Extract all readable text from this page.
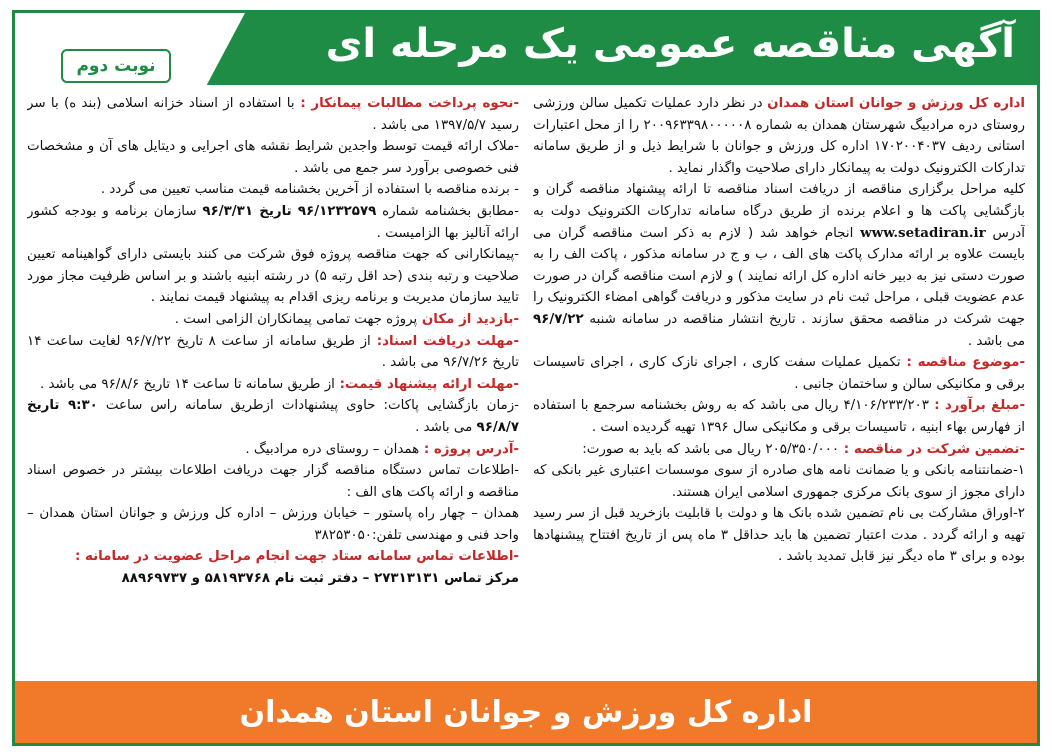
آگهی مناقصه عمومی یک مرحله ای
نوبت دوم

اداره کل ورزش و جوانان استان همدان در نظر دارد عملیات تکمیل سالن ورزشی روستای دره مرادبیگ شهرستان همدان به شماره ۲۰۰۹۶۳۳۹۸۰۰۰۰۰۸ را از محل اعتبارات استانی ردیف ۱۷۰۲۰۰۴۰۳۷ اداره کل ورزش و جوانان با شرایط ذیل و از طریق سامانه تدارکات الکترونیک دولت به پیمانکار دارای صلاحیت واگذار نماید .

کلیه مراحل برگزاری مناقصه از دریافت اسناد مناقصه تا ارائه پیشنهاد مناقصه گران و بازگشایی پاکت ها و اعلام برنده از طریق درگاه سامانه تدارکات الکترونیک دولت به آدرس www.setadiran.ir انجام خواهد شد ( لازم به ذکر است مناقصه گران می بایست علاوه بر ارائه مدارک پاکت های الف ، ب و ج در سامانه مذکور ، پاکت الف را به صورت دستی نیز به دبیر خانه اداره کل ارائه نمایند ) و لازم است مناقصه گران در صورت عدم عضویت قبلی ، مراحل ثبت نام در سایت مذکور و دریافت گواهی امضاء الکترونیک را جهت شرکت در مناقصه محقق سازند . تاریخ انتشار مناقصه در سامانه شنبه ۹۶/۷/۲۲ می باشد .

-موضوع مناقصه : تکمیل عملیات سفت کاری ، اجرای نازک کاری ، اجرای تاسیسات برقی و مکانیکی سالن و ساختمان جانبی .

-مبلغ برآورد : ۴/۱۰۶/۲۳۳/۲۰۳ ریال می باشد که به روش بخشنامه سرجمع با استفاده از فهارس بهاء ابنیه ، تاسیسات برقی و مکانیکی سال ۱۳۹۶ تهیه گردیده است .

-تضمین شرکت در مناقصه : ۲۰۵/۳۵۰/۰۰۰ ریال می باشد که باید به صورت:

۱-ضمانتنامه بانکی و یا ضمانت نامه های صادره از سوی موسسات اعتباری غیر بانکی که دارای مجوز از سوی بانک مرکزی جمهوری اسلامی ایران هستند.

۲-اوراق مشارکت بی نام تضمین شده بانک ها و دولت با قابلیت بازخرید قبل از سر رسید تهیه و ارائه گردد . مدت اعتبار تضمین ها باید حداقل ۳ ماه پس از تاریخ افتتاح پیشنهادها بوده و برای ۳ ماه دیگر نیز قابل تمدید باشد .

-نحوه پرداخت مطالبات پیمانکار : با استفاده از اسناد خزانه اسلامی (بند ه) با سر رسید ۱۳۹۷/۵/۷ می باشد .

-ملاک ارائه قیمت توسط واجدین شرایط نقشه های اجرایی و دیتایل های آن و مشخصات فنی خصوصی برآورد سر جمع می باشد .

- برنده مناقصه با استفاده از آخرین بخشنامه قیمت مناسب تعیین می گردد .

-مطابق بخشنامه شماره ۹۶/۱۲۳۲۵۷۹ تاریخ ۹۶/۳/۳۱ سازمان برنامه و بودجه کشور ارائه آنالیز بها الزامیست .

-پیمانکارانی که جهت مناقصه پروژه فوق شرکت می کنند بایستی دارای گواهینامه تعیین صلاحیت و رتبه بندی (حد اقل رتبه ۵) در رشته ابنیه باشند و بر اساس ظرفیت مجاز مورد تایید سازمان مدیریت و برنامه ریزی اقدام به پیشنهاد قیمت نمایند .

-بازدید از مکان پروژه جهت تمامی پیمانکاران الزامی است .

-مهلت دریافت اسناد: از طریق سامانه از ساعت ۸ تاریخ ۹۶/۷/۲۲ لغایت ساعت ۱۴ تاریخ ۹۶/۷/۲۶ می باشد .

-مهلت ارائه پیشنهاد قیمت: از طریق سامانه تا ساعت ۱۴ تاریخ ۹۶/۸/۶ می باشد .

-زمان بازگشایی پاکات: حاوی پیشنهادات ازطریق سامانه راس ساعت ۹:۳۰ تاریخ ۹۶/۸/۷ می باشد .

-آدرس پروژه : همدان – روستای دره مرادبیگ .

-اطلاعات تماس دستگاه مناقصه گزار جهت دریافت اطلاعات بیشتر در خصوص اسناد مناقصه و ارائه پاکت های الف :

همدان – چهار راه پاستور – خیابان ورزش – اداره کل ورزش و جوانان استان همدان – واحد فنی و مهندسی تلفن:۳۸۲۵۳۰۵۰

-اطلاعات تماس سامانه ستاد جهت انجام مراحل عضویت در سامانه :

مرکز تماس ۲۷۳۱۳۱۳۱ – دفتر ثبت نام ۵۸۱۹۳۷۶۸ و ۸۸۹۶۹۷۳۷

اداره کل ورزش و جوانان استان همدان
